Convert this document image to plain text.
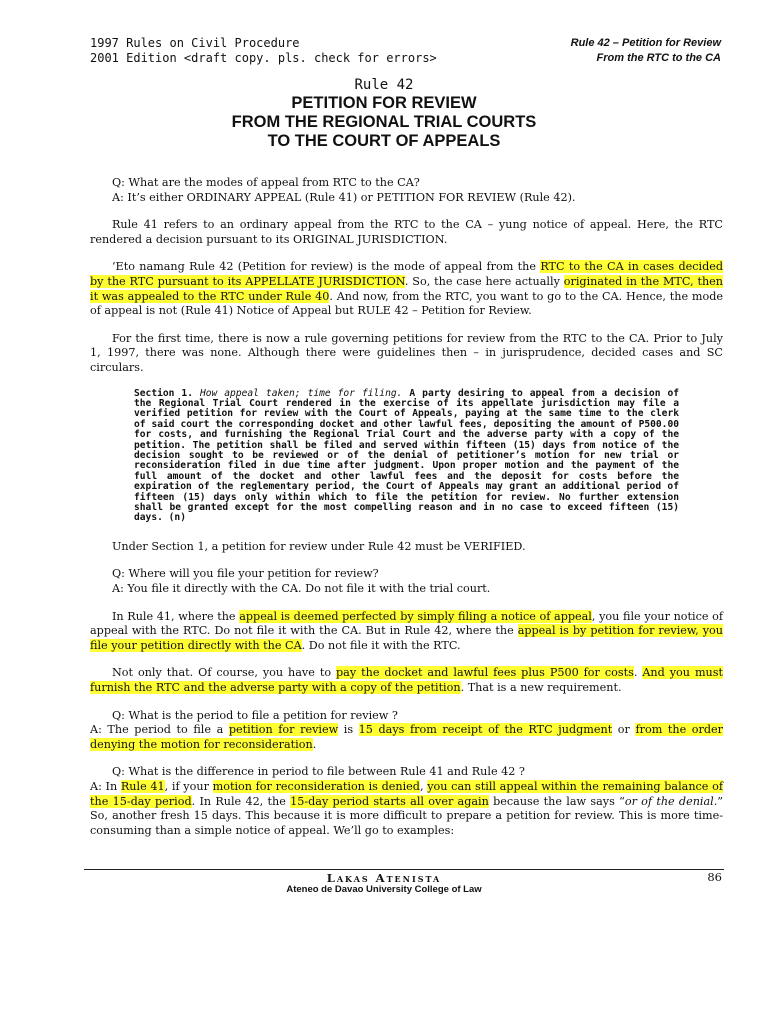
1997 Rules on Civil Procedure
2001 Edition <draft copy. pls. check for errors>
Rule 42 – Petition for Review
From the RTC to the CA
Rule 42
PETITION FOR REVIEW
FROM THE REGIONAL TRIAL COURTS
TO THE COURT OF APPEALS
Q: What are the modes of appeal from RTC to the CA?
A: It’s either ORDINARY APPEAL (Rule 41) or PETITION FOR REVIEW (Rule 42).

Rule 41 refers to an ordinary appeal from the RTC to the CA – yung notice of appeal. Here, the RTC rendered a decision pursuant to its ORIGINAL JURISDICTION.

‘Eto namang Rule 42 (Petition for review) is the mode of appeal from the RTC to the CA in cases decided by the RTC pursuant to its APPELLATE JURISDICTION. So, the case here actually originated in the MTC, then it was appealed to the RTC under Rule 40. And now, from the RTC, you want to go to the CA. Hence, the mode of appeal is not (Rule 41) Notice of Appeal but RULE 42 – Petition for Review.

For the first time, there is now a rule governing petitions for review from the RTC to the CA. Prior to July 1, 1997, there was none. Although there were guidelines then – in jurisprudence, decided cases and SC circulars.

Section 1. How appeal taken; time for filing. A party desiring to appeal from a decision of the Regional Trial Court rendered in the exercise of its appellate jurisdiction may file a verified petition for review with the Court of Appeals, paying at the same time to the clerk of said court the corresponding docket and other lawful fees, depositing the amount of P500.00 for costs, and furnishing the Regional Trial Court and the adverse party with a copy of the petition. The petition shall be filed and served within fifteen (15) days from notice of the decision sought to be reviewed or of the denial of petitioner’s motion for new trial or reconsideration filed in due time after judgment. Upon proper motion and the payment of the full amount of the docket and other lawful fees and the deposit for costs before the expiration of the reglementary period, the Court of Appeals may grant an additional period of fifteen (15) days only within which to file the petition for review. No further extension shall be granted except for the most compelling reason and in no case to exceed fifteen (15) days. (n)

Under Section 1, a petition for review under Rule 42 must be VERIFIED.

Q: Where will you file your petition for review?
A: You file it directly with the CA. Do not file it with the trial court.

In Rule 41, where the appeal is deemed perfected by simply filing a notice of appeal, you file your notice of appeal with the RTC. Do not file it with the CA. But in Rule 42, where the appeal is by petition for review, you file your petition directly with the CA. Do not file it with the RTC.

Not only that. Of course, you have to pay the docket and lawful fees plus P500 for costs. And you must furnish the RTC and the adverse party with a copy of the petition. That is a new requirement.

Q: What is the period to file a petition for review ?
A: The period to file a petition for review is 15 days from receipt of the RTC judgment or from the order denying the motion for reconsideration.

Q: What is the difference in period to file between Rule 41 and Rule 42 ?
A: In Rule 41, if your motion for reconsideration is denied, you can still appeal within the remaining balance of the 15-day period. In Rule 42, the 15-day period starts all over again because the law says “or of the denial.” So, another fresh 15 days. This because it is more difficult to prepare a petition for review. This is more time-consuming than a simple notice of appeal. We’ll go to examples:

Lakas Atenista
Ateneo de Davao University College of Law
86
